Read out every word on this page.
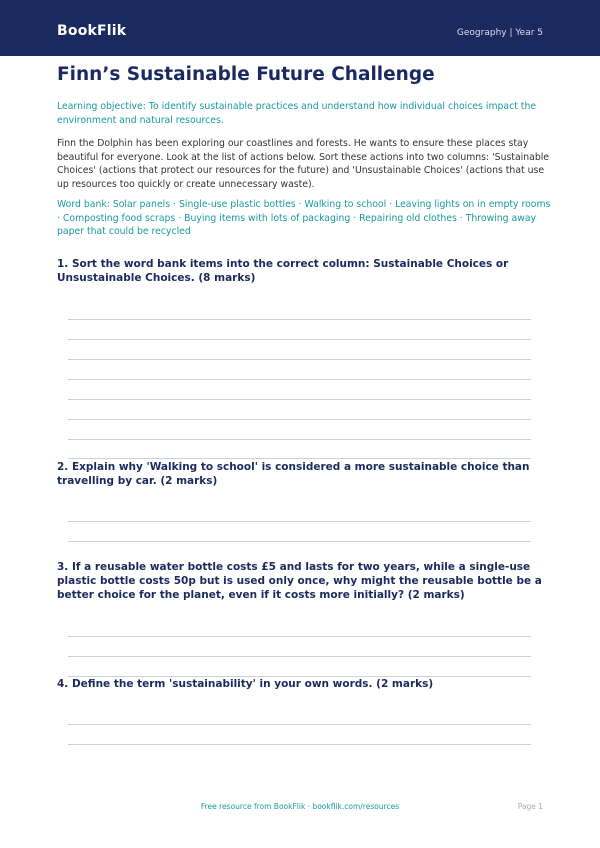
BookFlik	Geography | Year 5
Finn’s Sustainable Future Challenge

Learning objective: To identify sustainable practices and understand how individual choices impact the environment and natural resources.

Finn the Dolphin has been exploring our coastlines and forests. He wants to ensure these places stay beautiful for everyone. Look at the list of actions below. Sort these actions into two columns: 'Sustainable Choices' (actions that protect our resources for the future) and 'Unsustainable Choices' (actions that use up resources too quickly or create unnecessary waste).

Word bank: Solar panels · Single-use plastic bottles · Walking to school · Leaving lights on in empty rooms · Composting food scraps · Buying items with lots of packaging · Repairing old clothes · Throwing away paper that could be recycled

1. Sort the word bank items into the correct column: Sustainable Choices or Unsustainable Choices. (8 marks)

2. Explain why 'Walking to school' is considered a more sustainable choice than travelling by car. (2 marks)

3. If a reusable water bottle costs £5 and lasts for two years, while a single-use plastic bottle costs 50p but is used only once, why might the reusable bottle be a better choice for the planet, even if it costs more initially? (2 marks)

4. Define the term 'sustainability' in your own words. (2 marks)

Free resource from BookFlik · bookflik.com/resources	Page 1
